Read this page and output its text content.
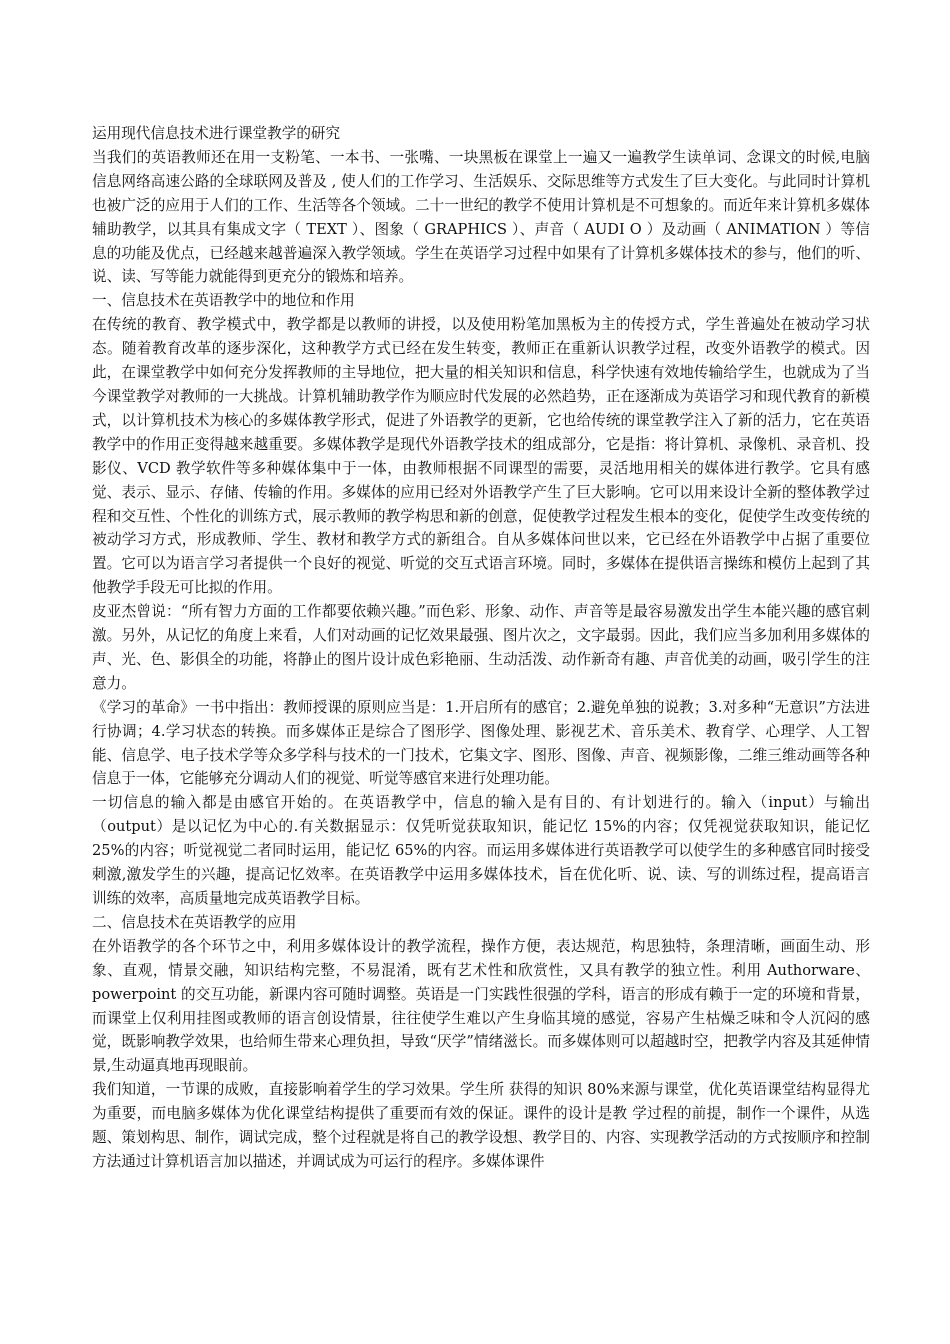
运用现代信息技术进行课堂教学的研究

当我们的英语教师还在用一支粉笔、一本书、一张嘴、一块黑板在课堂上一遍又一遍教学生读单词、念课文的时候,电脑信息网络高速公路的全球联网及普及 , 使人们的工作学习、生活娱乐、交际思维等方式发生了巨大变化。与此同时计算机也被广泛的应用于人们的工作、生活等各个领域。二十一世纪的教学不使用计算机是不可想象的。而近年来计算机多媒体辅助教学，以其具有集成文字（ TEXT ）、图象（ GRAPHICS ）、声音（ AUDI O ）及动画（ ANIMATION ）等信息的功能及优点，已经越来越普遍深入教学领域。学生在英语学习过程中如果有了计算机多媒体技术的参与，他们的听、说、读、写等能力就能得到更充分的锻炼和培养。

一、信息技术在英语教学中的地位和作用

在传统的教育、教学模式中，教学都是以教师的讲授，以及使用粉笔加黑板为主的传授方式，学生普遍处在被动学习状态。随着教育改革的逐步深化，这种教学方式已经在发生转变，教师正在重新认识教学过程，改变外语教学的模式。因此，在课堂教学中如何充分发挥教师的主导地位，把大量的相关知识和信息，科学快速有效地传输给学生，也就成为了当今课堂教学对教师的一大挑战。计算机辅助教学作为顺应时代发展的必然趋势，正在逐渐成为英语学习和现代教育的新模式，以计算机技术为核心的多媒体教学形式，促进了外语教学的更新，它也给传统的课堂教学注入了新的活力，它在英语教学中的作用正变得越来越重要。多媒体教学是现代外语教学技术的组成部分，它是指：将计算机、录像机、录音机、投影仪、VCD 教学软件等多种媒体集中于一体，由教师根据不同课型的需要，灵活地用相关的媒体进行教学。它具有感觉、表示、显示、存储、传输的作用。多媒体的应用已经对外语教学产生了巨大影响。它可以用来设计全新的整体教学过程和交互性、个性化的训练方式，展示教师的教学构思和新的创意，促使教学过程发生根本的变化，促使学生改变传统的被动学习方式，形成教师、学生、教材和教学方式的新组合。自从多媒体问世以来，它已经在外语教学中占据了重要位置。它可以为语言学习者提供一个良好的视觉、听觉的交互式语言环境。同时，多媒体在提供语言操练和模仿上起到了其他教学手段无可比拟的作用。

皮亚杰曾说：“所有智力方面的工作都要依赖兴趣。”而色彩、形象、动作、声音等是最容易激发出学生本能兴趣的感官刺激。另外，从记忆的角度上来看，人们对动画的记忆效果最强、图片次之，文字最弱。因此，我们应当多加利用多媒体的声、光、色、影俱全的功能，将静止的图片设计成色彩艳丽、生动活泼、动作新奇有趣、声音优美的动画，吸引学生的注意力。

《学习的革命》一书中指出：教师授课的原则应当是：1.开启所有的感官；2.避免单独的说教；3.对多种“无意识”方法进行协调；4.学习状态的转换。而多媒体正是综合了图形学、图像处理、影视艺术、音乐美术、教育学、心理学、人工智能、信息学、电子技术学等众多学科与技术的一门技术，它集文字、图形、图像、声音、视频影像，二维三维动画等各种信息于一体，它能够充分调动人们的视觉、听觉等感官来进行处理功能。

一切信息的输入都是由感官开始的。在英语教学中，信息的输入是有目的、有计划进行的。输入（input）与输出（output）是以记忆为中心的.有关数据显示：仅凭听觉获取知识，能记忆 15%的内容；仅凭视觉获取知识，能记忆 25%的内容；听觉视觉二者同时运用，能记忆 65%的内容。而运用多媒体进行英语教学可以使学生的多种感官同时接受刺激,激发学生的兴趣，提高记忆效率。在英语教学中运用多媒体技术，旨在优化听、说、读、写的训练过程，提高语言训练的效率，高质量地完成英语教学目标。

二、信息技术在英语教学的应用

在外语教学的各个环节之中，利用多媒体设计的教学流程，操作方便，表达规范，构思独特，条理清晰，画面生动、形象、直观，情景交融，知识结构完整，不易混淆，既有艺术性和欣赏性，又具有教学的独立性。利用 Authorware、powerpoint 的交互功能，新课内容可随时调整。英语是一门实践性很强的学科，语言的形成有赖于一定的环境和背景，而课堂上仅利用挂图或教师的语言创设情景，往往使学生难以产生身临其境的感觉，容易产生枯燥乏味和令人沉闷的感觉，既影响教学效果，也给师生带来心理负担，导致“厌学”情绪滋长。而多媒体则可以超越时空，把教学内容及其延伸情景,生动逼真地再现眼前。

我们知道，一节课的成败，直接影响着学生的学习效果。学生所 获得的知识 80%来源与课堂，优化英语课堂结构显得尤为重要，而电脑多媒体为优化课堂结构提供了重要而有效的保证。课件的设计是教 学过程的前提，制作一个课件，从选题、策划构思、制作，调试完成，整个过程就是将自己的教学设想、教学目的、内容、实现教学活动的方式按顺序和控制方法通过计算机语言加以描述，并调试成为可运行的程序。多媒体课件
